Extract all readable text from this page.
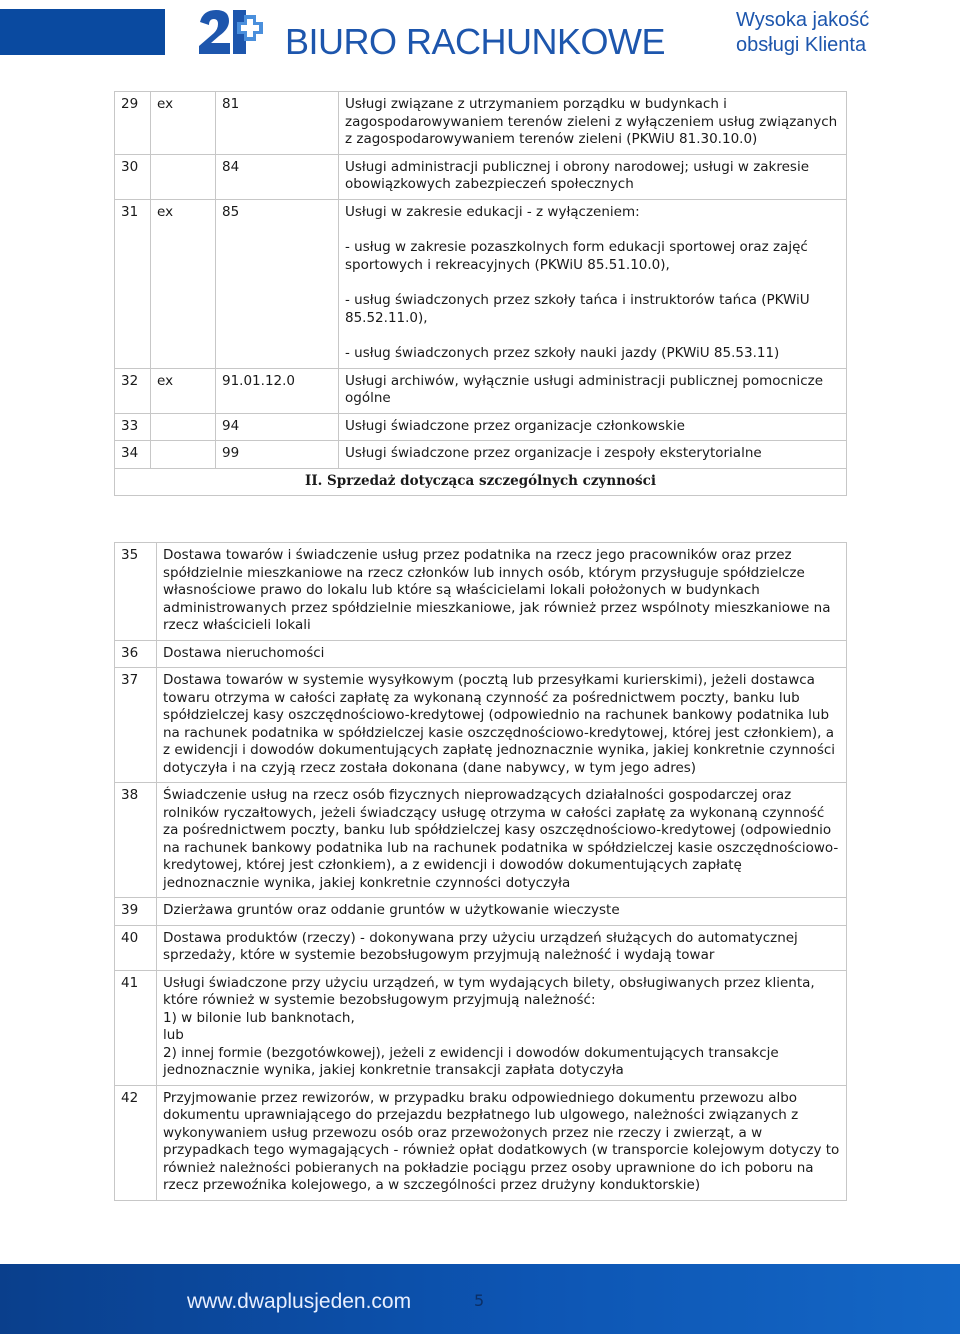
BIURO RACHUNKOWE
Wysoka jakość
obsługi Klienta
29	ex	81	Usługi związane z utrzymaniem porządku w budynkach i zagospodarowywaniem terenów zieleni z wyłączeniem usług związanych z zagospodarowywaniem terenów zieleni (PKWiU 81.30.10.0)

30		84	Usługi administracji publicznej i obrony narodowej; usługi w zakresie obowiązkowych zabezpieczeń społecznych

31	ex	85	Usługi w zakresie edukacji - z wyłączeniem:
- usług w zakresie pozaszkolnych form edukacji sportowej oraz zajęć sportowych i rekreacyjnych (PKWiU 85.51.10.0),
- usług świadczonych przez szkoły tańca i instruktorów tańca (PKWiU 85.52.11.0),
- usług świadczonych przez szkoły nauki jazdy (PKWiU 85.53.11)

32	ex	91.01.12.0	Usługi archiwów, wyłącznie usługi administracji publicznej pomocnicze ogólne

33		94	Usługi świadczone przez organizacje członkowskie

34		99	Usługi świadczone przez organizacje i zespoły eksterytorialne

II. Sprzedaż dotycząca szczególnych czynności			
35	Dostawa towarów i świadczenie usług przez podatnika na rzecz jego pracowników oraz przez spółdzielnie mieszkaniowe na rzecz członków lub innych osób, którym przysługuje spółdzielcze własnościowe prawo do lokalu lub które są właścicielami lokali położonych w budynkach administrowanych przez spółdzielnie mieszkaniowe, jak również przez wspólnoty mieszkaniowe na rzecz właścicieli lokali
36	Dostawa nieruchomości
37	Dostawa towarów w systemie wysyłkowym (pocztą lub przesyłkami kurierskimi), jeżeli dostawca towaru otrzyma w całości zapłatę za wykonaną czynność za pośrednictwem poczty, banku lub spółdzielczej kasy oszczędnościowo-kredytowej (odpowiednio na rachunek bankowy podatnika lub na rachunek podatnika w spółdzielczej kasie oszczędnościowo-kredytowej, której jest członkiem), a z ewidencji i dowodów dokumentujących zapłatę jednoznacznie wynika, jakiej konkretnie czynności dotyczyła i na czyją rzecz została dokonana (dane nabywcy, w tym jego adres)
38	Świadczenie usług na rzecz osób fizycznych nieprowadzących działalności gospodarczej oraz rolników ryczałtowych, jeżeli świadczący usługę otrzyma w całości zapłatę za wykonaną czynność za pośrednictwem poczty, banku lub spółdzielczej kasy oszczędnościowo-kredytowej (odpowiednio na rachunek bankowy podatnika lub na rachunek podatnika w spółdzielczej kasie oszczędnościowo-kredytowej, której jest członkiem), a z ewidencji i dowodów dokumentujących zapłatę jednoznacznie wynika, jakiej konkretnie czynności dotyczyła
39	Dzierżawa gruntów oraz oddanie gruntów w użytkowanie wieczyste
40	Dostawa produktów (rzeczy) - dokonywana przy użyciu urządzeń służących do automatycznej sprzedaży, które w systemie bezobsługowym przyjmują należność i wydają towar
41	Usługi świadczone przy użyciu urządzeń, w tym wydających bilety, obsługiwanych przez klienta, które również w systemie bezobsługowym przyjmują należność:
1) w bilonie lub banknotach,
lub
2) innej formie (bezgotówkowej), jeżeli z ewidencji i dowodów dokumentujących transakcje jednoznacznie wynika, jakiej konkretnie transakcji zapłata dotyczyła
42	Przyjmowanie przez rewizorów, w przypadku braku odpowiedniego dokumentu przewozu albo dokumentu uprawniającego do przejazdu bezpłatnego lub ulgowego, należności związanych z wykonywaniem usług przewozu osób oraz przewożonych przez nie rzeczy i zwierząt, a w przypadkach tego wymagających - również opłat dodatkowych (w transporcie kolejowym dotyczy to również należności pobieranych na pokładzie pociągu przez osoby uprawnione do ich poboru na rzecz przewoźnika kolejowego, a w szczególności przez drużyny konduktorskie)
www.dwaplusjeden.com	5
